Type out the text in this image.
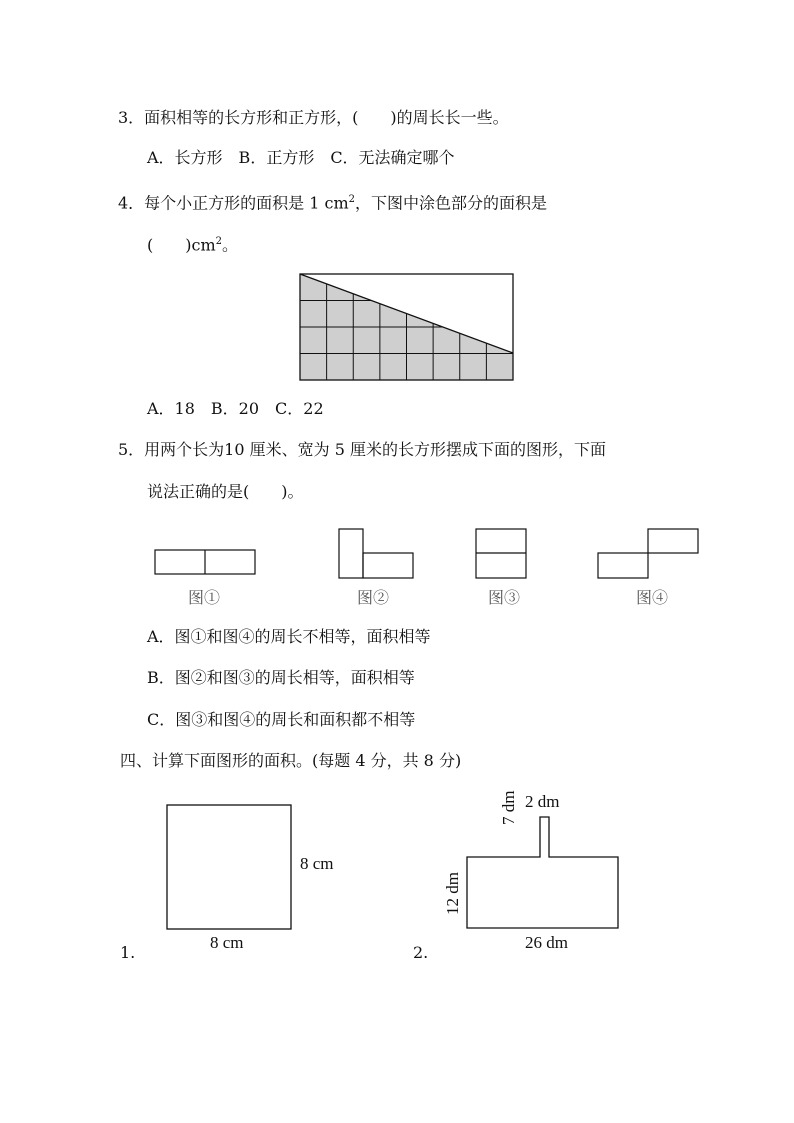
3．面积相等的长方形和正方形，(　　)的周长长一些。
A．长方形　B．正方形　C．无法确定哪个
4．每个小正方形的面积是 1 $cm^2$，下图中涂色部分的面积是
(　　)$cm^2$。
A．18　B．20　C．22
5．用两个长为10 厘米、宽为 5 厘米的长方形摆成下面的图形，下面
说法正确的是(　　)。
图①	图②	图③	图④
A．图①和图④的周长不相等，面积相等
B．图②和图③的周长相等，面积相等
C．图③和图④的周长和面积都不相等
四、计算下面图形的面积。(每题 4 分，共 8 分)
8 cm
8 cm
1.
2 dm
7 dm
12 dm
26 dm
2.
